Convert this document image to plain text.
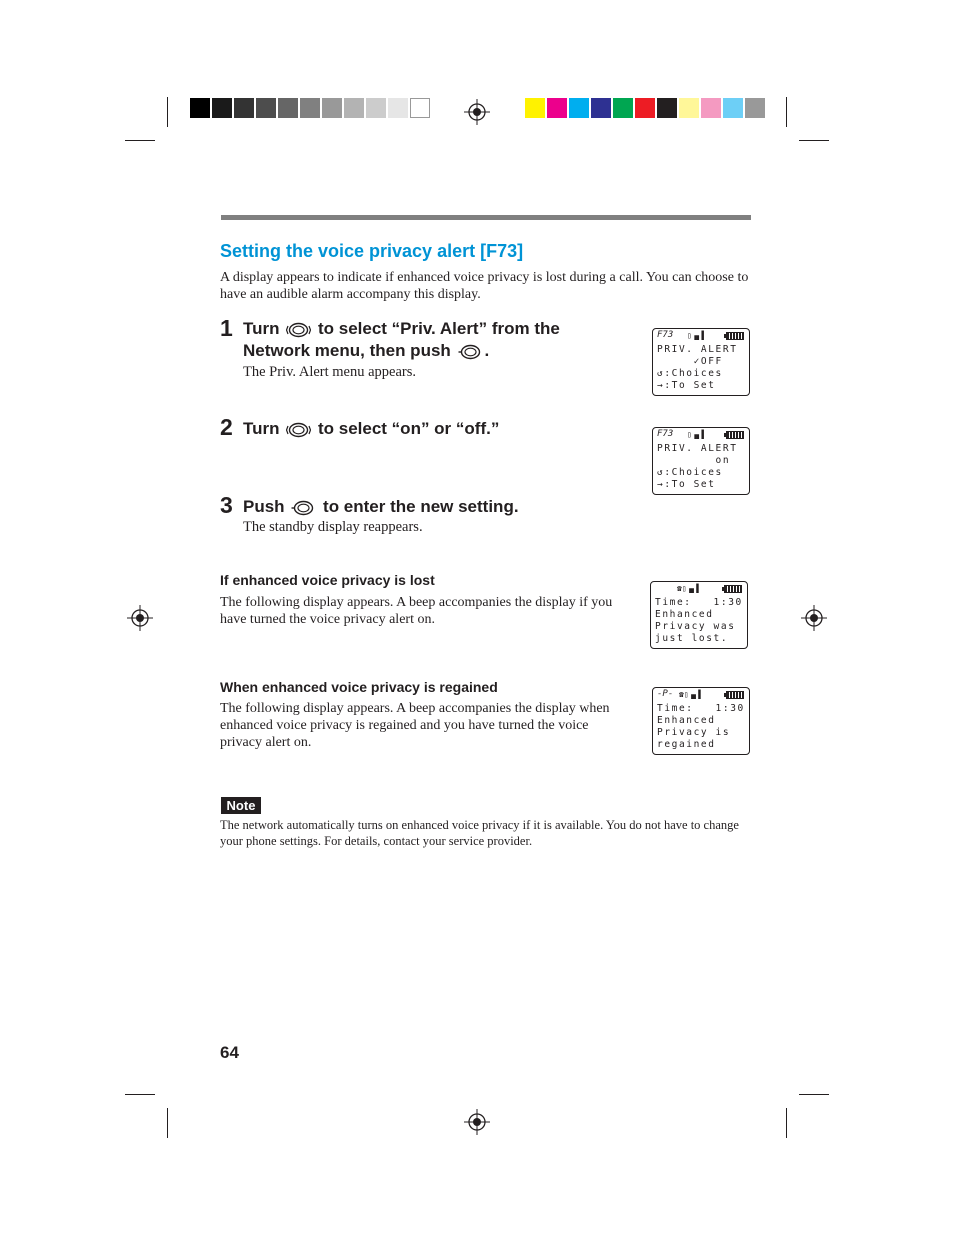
Setting the voice privacy alert [F73]
A display appears to indicate if enhanced voice privacy is lost during a call. You can choose to have an audible alarm accompany this display.
1 Turn to select “Priv. Alert” from the
Network menu, then push .
The Priv. Alert menu appears.
2 Turn to select “on” or “off.”
3 Push to enter the new setting.
The standby display reappears.
F73 ▯▗▖▌
PRIV. ALERT
✓OFF
↺:Choices
→:To Set
F73 ▯▗▖▌
PRIV. ALERT
on
↺:Choices
→:To Set
If enhanced voice privacy is lost
The following display appears. A beep accompanies the display if you have turned the voice privacy alert on.
☎▯▗▖▌
Time:   1:30
Enhanced
Privacy was
just lost.
When enhanced voice privacy is regained
The following display appears. A beep accompanies the display when enhanced voice privacy is regained and you have turned the voice privacy alert on.
-P- ☎▯▗▖▌
Time:   1:30
Enhanced
Privacy is
regained
Note
The network automatically turns on enhanced voice privacy if it is available. You do not have to change your phone settings. For details, contact your service provider.
64
